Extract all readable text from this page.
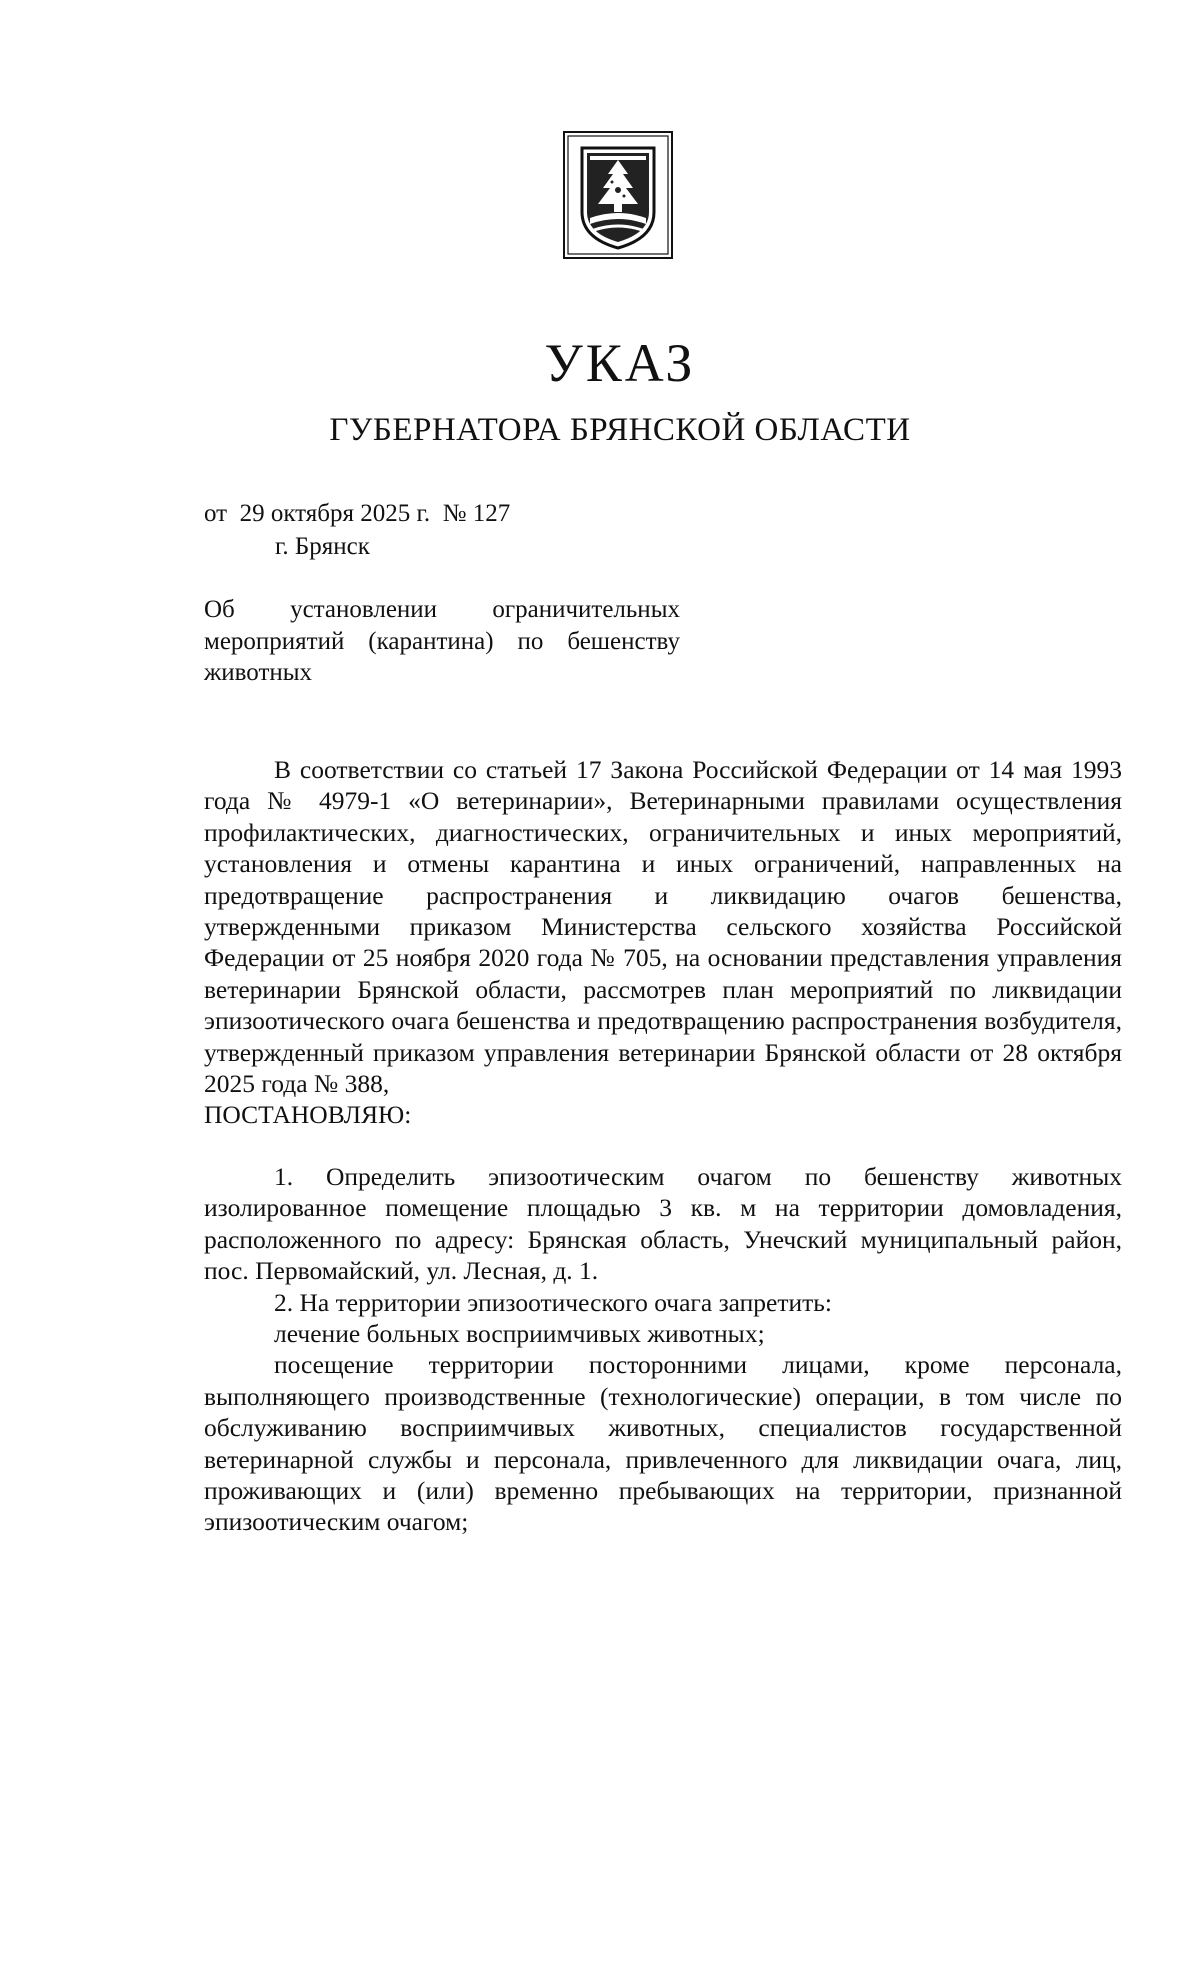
УКАЗ
ГУБЕРНАТОРА БРЯНСКОЙ ОБЛАСТИ
от  29 октября 2025 г.  № 127
г. Брянск
Об установлении ограничительных мероприятий (карантина) по бешенству животных

В соответствии со статьей 17 Закона Российской Федерации от 14 мая 1993 года № 4979-1 «О ветеринарии», Ветеринарными правилами осуществления профилактических, диагностических, ограничительных и иных мероприятий, установления и отмены карантина и иных ограничений, направленных на предотвращение распространения и ликвидацию очагов бешенства, утвержденными приказом Министерства сельского хозяйства Российской Федерации от 25 ноября 2020 года № 705, на основании представления управления ветеринарии Брянской области, рассмотрев план мероприятий по ликвидации эпизоотического очага бешенства и предотвращению распространения возбудителя, утвержденный приказом управления ветеринарии Брянской области от 28 октября 2025 года № 388,

ПОСТАНОВЛЯЮ:

1. Определить эпизоотическим очагом по бешенству животных изолированное помещение площадью 3 кв. м на территории домовладения, расположенного по адресу: Брянская область, Унечский муниципальный район, пос. Первомайский, ул. Лесная, д. 1.

2. На территории эпизоотического очага запретить:

лечение больных восприимчивых животных;

посещение территории посторонними лицами, кроме персонала, выполняющего производственные (технологические) операции, в том числе по обслуживанию восприимчивых животных, специалистов государственной ветеринарной службы и персонала, привлеченного для ликвидации очага, лиц, проживающих и (или) временно пребывающих на территории, признанной эпизоотическим очагом;
